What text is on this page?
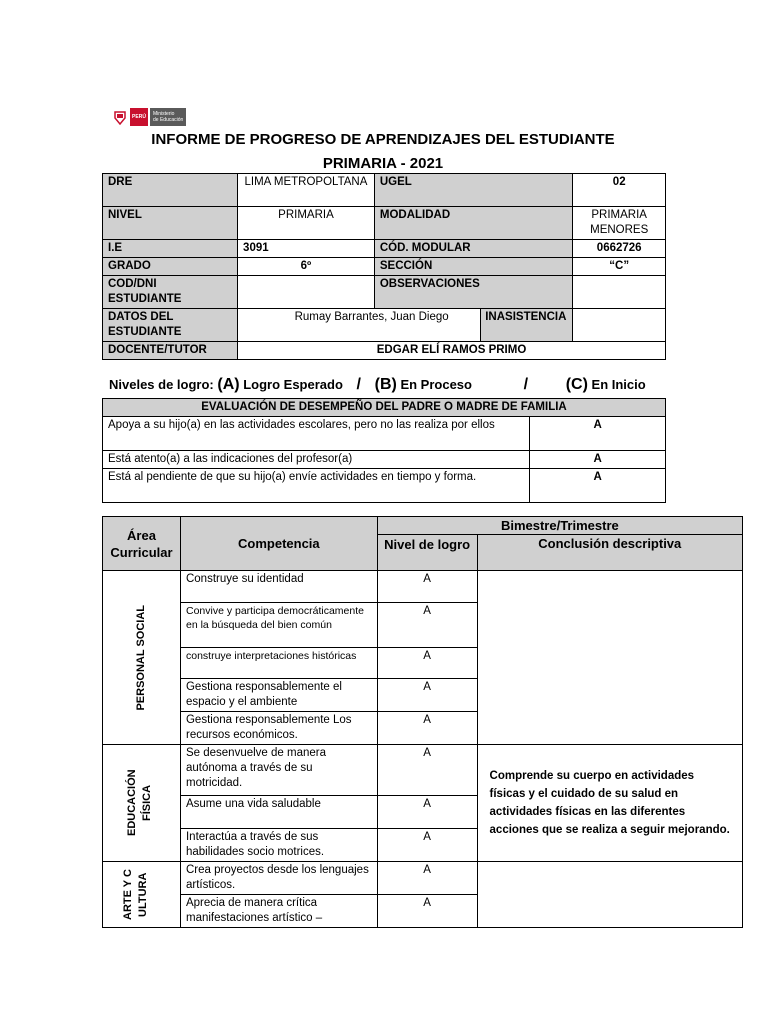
PERÚ	Ministerio
de Educación
INFORME DE PROGRESO DE APRENDIZAJES DEL ESTUDIANTE
PRIMARIA - 2021
DRE	LIMA METROPOLTANA	UGEL		02
NIVEL	PRIMARIA	MODALIDAD		PRIMARIA MENORES
I.E	3091	CÓD. MODULAR		0662726
GRADO	6º	SECCIÓN		“C”
COD/DNI ESTUDIANTE		OBSERVACIONES		
DATOS DEL ESTUDIANTE	Rumay Barrantes, Juan Diego		INASISTENCIA	
DOCENTE/TUTOR	EDGAR ELÍ RAMOS PRIMO			
Niveles de logro: (A) Logro Esperado / (B) En Proceso	/ (C) En Inicio
EVALUACIÓN DE DESEMPEÑO DEL PADRE O MADRE DE FAMILIA	
Apoya a su hijo(a) en las actividades escolares, pero no las realiza por ellos	A
Está atento(a) a las indicaciones del profesor(a)	A
Está al pendiente de que su hijo(a) envíe actividades en tiempo y forma.	A
Área Curricular	Competencia	Bimestre/Trimestre	
		Nivel de logro	Conclusión descriptiva

PERSONAL SOCIAL	Construye su identidad	A	
	Convive y participa democráticamente en la búsqueda del bien común	A	
	construye interpretaciones históricas	A	
	Gestiona responsablemente el espacio y el ambiente	A	
	Gestiona responsablemente Los recursos económicos.	A	

EDUCACIÓN FÍSICA	Se desenvuelve de manera autónoma a través de su motricidad.	A	Comprende su cuerpo en actividades físicas y el cuidado de su salud en actividades físicas en las diferentes acciones que se realiza a seguir mejorando.
	Asume una vida saludable	A	
	Interactúa a través de sus habilidades socio motrices.	A	

ARTE Y CULTURA	Crea proyectos desde los lenguajes artísticos.	A	
	Aprecia de manera crítica manifestaciones artístico –	A	
